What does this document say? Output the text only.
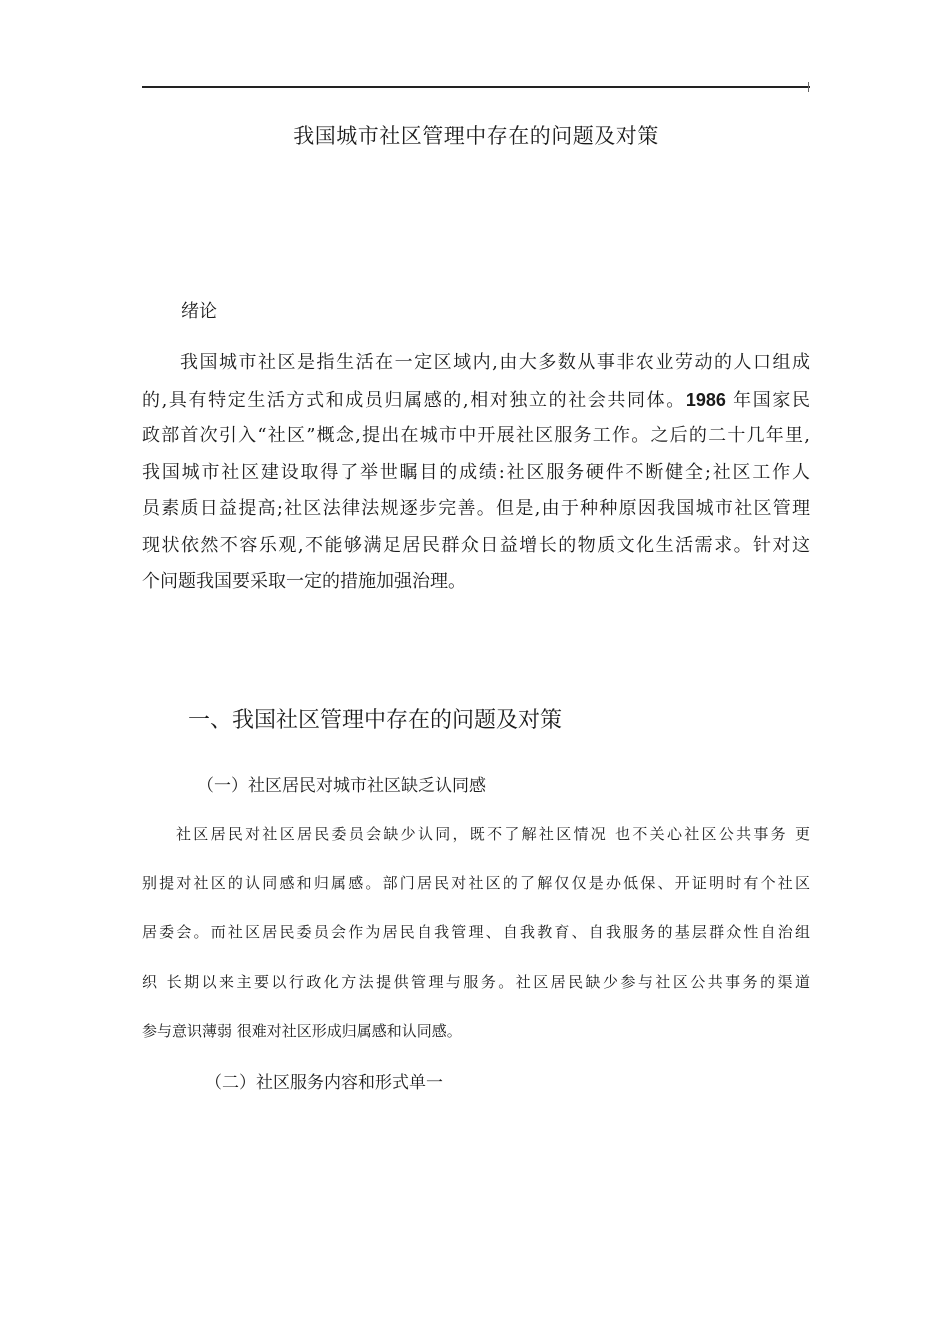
我国城市社区管理中存在的问题及对策
绪论
我国城市社区是指生活在一定区域内,由大多数从事非农业劳动的人口组成
的,具有特定生活方式和成员归属感的,相对独立的社会共同体。1986 年国家民
政部首次引入“社区”概念,提出在城市中开展社区服务工作。之后的二十几年里,
我国城市社区建设取得了举世瞩目的成绩:社区服务硬件不断健全;社区工作人
员素质日益提高;社区法律法规逐步完善。但是,由于种种原因我国城市社区管理
现状依然不容乐观,不能够满足居民群众日益增长的物质文化生活需求。针对这
个问题我国要采取一定的措施加强治理。
一、我国社区管理中存在的问题及对策
（一）社区居民对城市社区缺乏认同感
社区居民对社区居民委员会缺少认同，既不了解社区情况 也不关心社区公共事务 更
别提对社区的认同感和归属感。部门居民对社区的了解仅仅是办低保、开证明时有个社区
居委会。而社区居民委员会作为居民自我管理、自我教育、自我服务的基层群众性自治组
织 长期以来主要以行政化方法提供管理与服务。社区居民缺少参与社区公共事务的渠道
参与意识薄弱 很难对社区形成归属感和认同感。
（二）社区服务内容和形式单一
